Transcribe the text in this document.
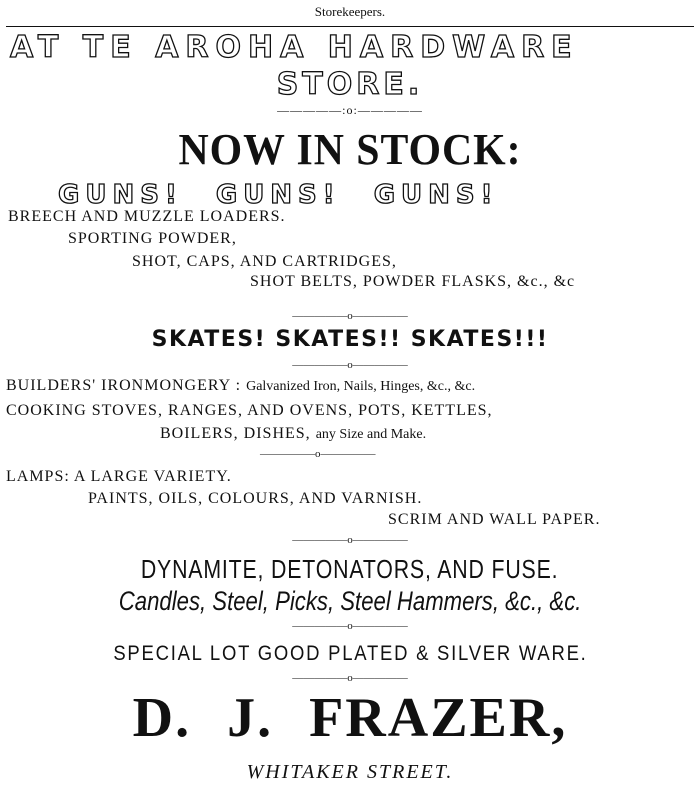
Storekeepers.
AT TE AROHA HARDWARE
STORE.
—————:o:—————
NOW IN STOCK:
GUNS! GUNS! GUNS!
BREECH AND MUZZLE LOADERS.
SPORTING POWDER,
SHOT, CAPS, AND CARTRIDGES,
SHOT BELTS, POWDER FLASKS, &c., &c
—————o—————
SKATES! SKATES!! SKATES!!!
—————o—————
BUILDERS' IRONMONGERY : Galvanized Iron, Nails, Hinges, &c., &c.
COOKING STOVES, RANGES, AND OVENS, POTS, KETTLES,
BOILERS, DISHES, any Size and Make.
—————o—————
LAMPS: A LARGE VARIETY.
PAINTS, OILS, COLOURS, AND VARNISH.
SCRIM AND WALL PAPER.
—————o—————
DYNAMITE, DETONATORS, AND FUSE.
Candles, Steel, Picks, Steel Hammers, &c., &c.
—————o—————
SPECIAL LOT GOOD PLATED & SILVER WARE.
—————o—————
D. J. FRAZER,
WHITAKER STREET.
